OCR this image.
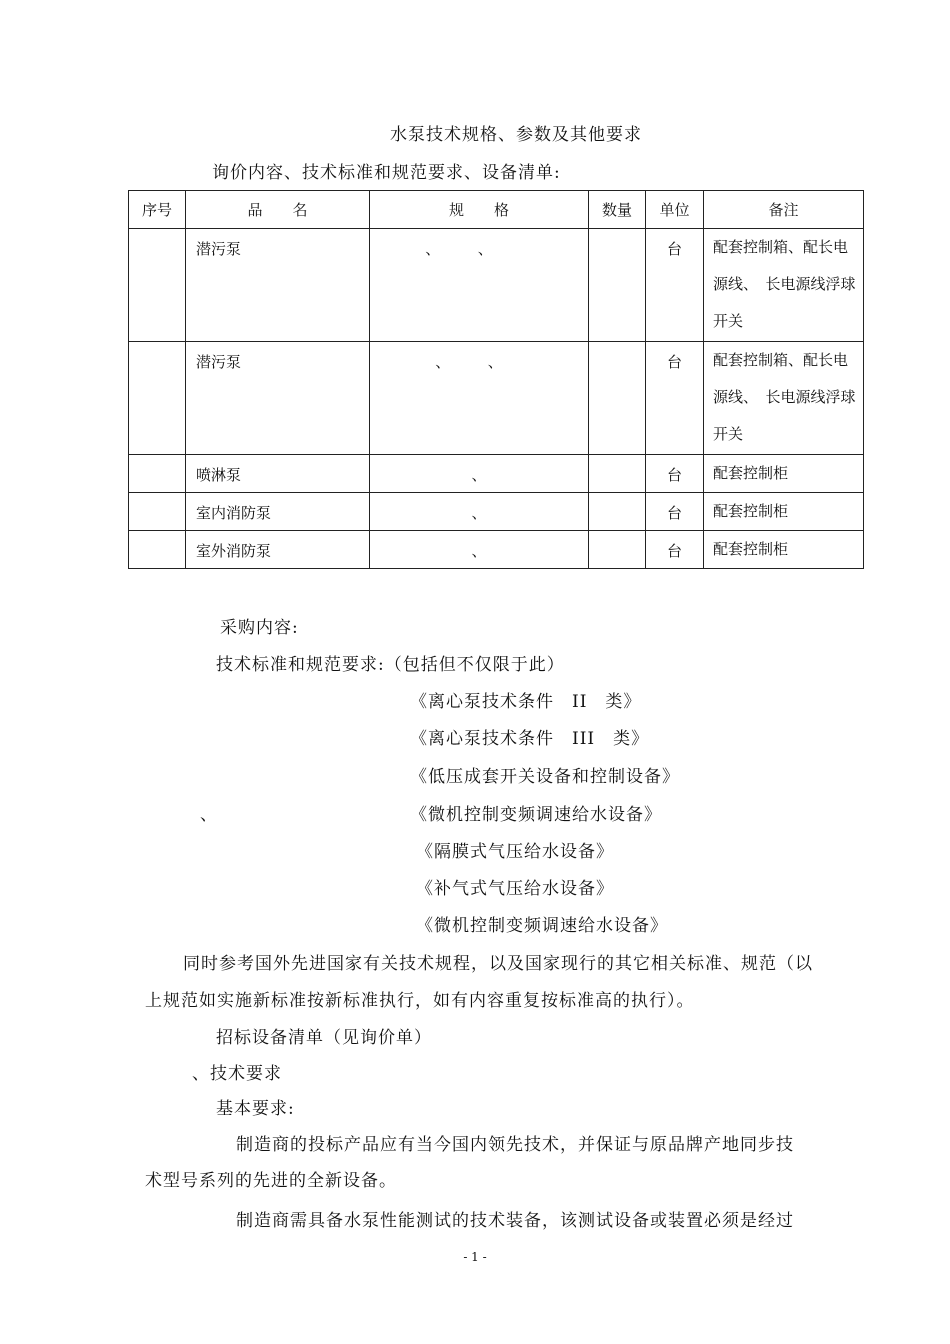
水泵技术规格、参数及其他要求
询价内容、技术标准和规范要求、设备清单:
序号	品　　名	规　　格	数量	单位	备注
	潜污泵	、　　　、		台	配套控制箱、配长电源线、　长电源线浮球开关

	潜污泵	、　　　、		台	配套控制箱、配长电源线、　长电源线浮球开关

	喷淋泵	、		台	配套控制柜

	室内消防泵	、		台	配套控制柜

	室外消防泵	、		台	配套控制柜
采购内容:
技术标准和规范要求:（包括但不仅限于此）
《离心泵技术条件　II　类》
《离心泵技术条件　III　类》
《低压成套开关设备和控制设备》
、	《微机控制变频调速给水设备》
《隔膜式气压给水设备》
《补气式气压给水设备》
《微机控制变频调速给水设备》
同时参考国外先进国家有关技术规程，以及国家现行的其它相关标准、规范（以
上规范如实施新标准按新标准执行，如有内容重复按标准高的执行）。
招标设备清单（见询价单）
、技术要求
基本要求:
制造商的投标产品应有当今国内领先技术，并保证与原品牌产地同步技
术型号系列的先进的全新设备。
制造商需具备水泵性能测试的技术装备，该测试设备或装置必须是经过
- 1 -
